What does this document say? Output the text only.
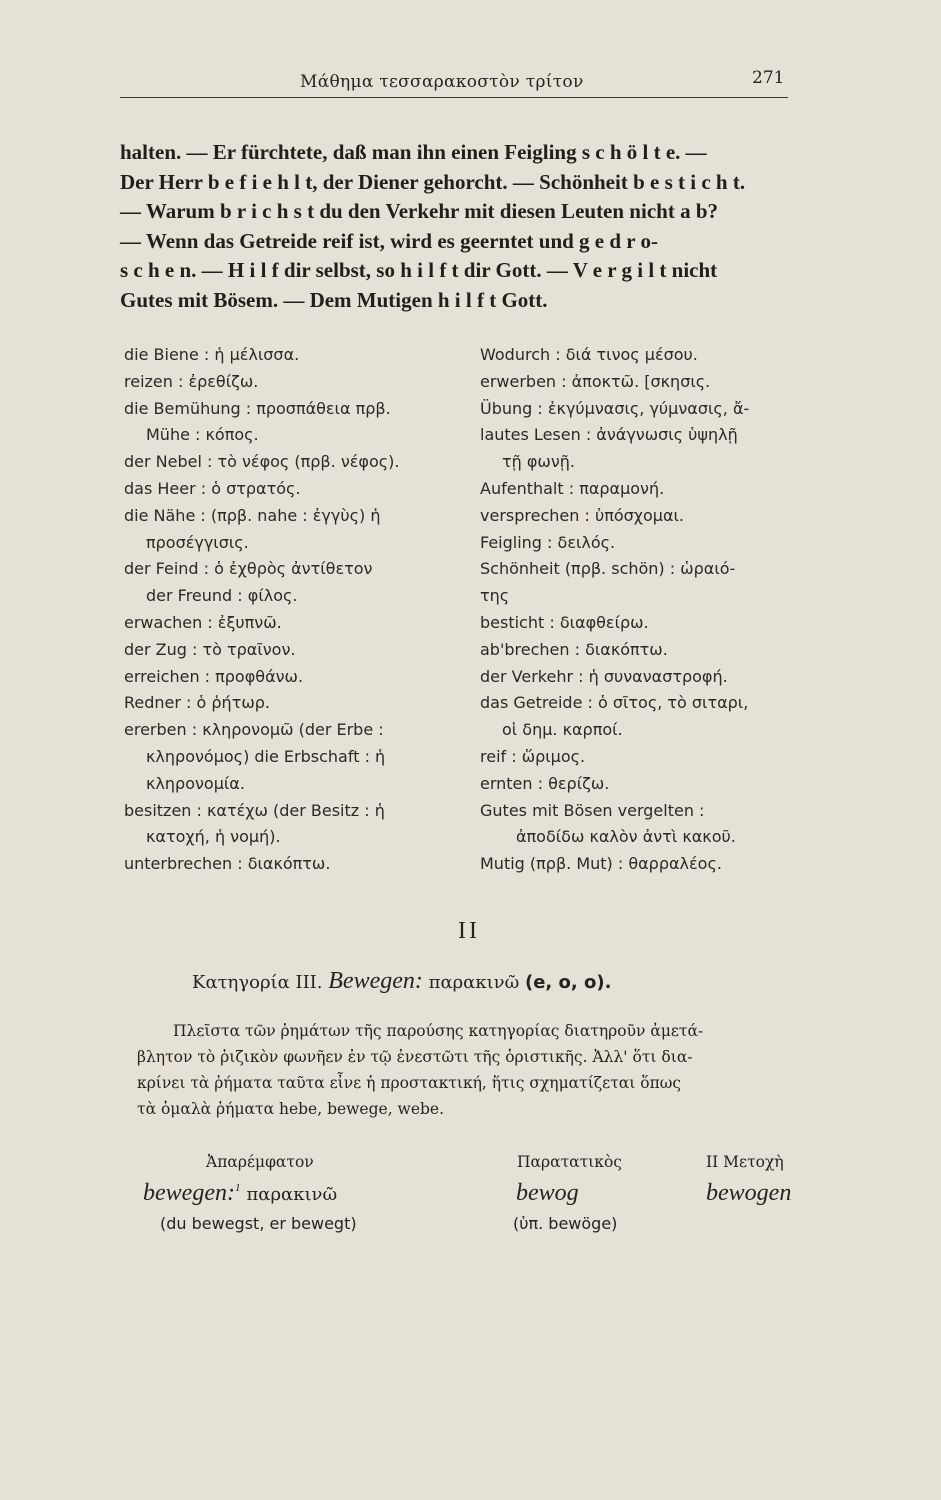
Μάθημα τεσσαρακοστὸν τρίτον	271
halten. — Er fürchtete, daß man ihn einen Feigling s c h ö l t e. —
Der Herr b e f i e h l t, der Diener gehorcht. — Schönheit b e s t i c h t.
— Warum b r i c h s t du den Verkehr mit diesen Leuten nicht a b?
— Wenn das Getreide reif ist, wird es geerntet und g e d r o-
s c h e n. — H i l f dir selbst, so h i l f t dir Gott. — V e r g i l t nicht
Gutes mit Bösem. — Dem Mutigen h i l f t Gott.
die Biene : ἡ μέλισσα.
reizen : ἐρεθίζω.
die Bemühung : προσπάθεια πρβ.
Mühe : κόπος.
der Nebel : τὸ νέφος (πρβ. νέφος).
das Heer : ὁ στρατός.
die Nähe : (πρβ. nahe : ἐγγὺς) ἡ
προσέγγισις.
der Feind : ὁ ἐχθρὸς ἀντίθετον
der Freund : φίλος.
erwachen : ἐξυπνῶ.
der Zug : τὸ τραῖνον.
erreichen : προφθάνω.
Redner : ὁ ῥήτωρ.
ererben : κληρονομῶ (der Erbe :
κληρονόμος) die Erbschaft : ἡ
κληρονομία.
besitzen : κατέχω (der Besitz : ἡ
κατοχή, ἡ νομή).
unterbrechen : διακόπτω.
Wodurch : διά τινος μέσου.
erwerben : ἀποκτῶ. [σκησις.
Übung : ἐκγύμνασις, γύμνασις, ἄ-
lautes Lesen : ἀνάγνωσις ὑψηλῇ
τῇ φωνῇ.
Aufenthalt : παραμονή.
versprechen : ὑπόσχομαι.
Feigling : δειλός.
Schönheit (πρβ. schön) : ὡραιό-
της
besticht : διαφθείρω.
ab'brechen : διακόπτω.
der Verkehr : ἡ συναναστροφή.
das Getreide : ὁ σῖτος, τὸ σιταρι,
οἱ δημ. καρποί.
reif : ὥριμος.
ernten : θερίζω.
Gutes mit Bösen vergelten :
ἀποδίδω καλὸν ἀντὶ κακοῦ.
Mutig (πρβ. Mut) : θαρραλέος.
II
Κατηγορία III. Bewegen: παρακινῶ (e, o, o).
Πλεῖστα τῶν ῥημάτων τῆς παρούσης κατηγορίας διατηροῦν ἀμετά-
βλητον τὸ ῥιζικὸν φωνῆεν ἐν τῷ ἐνεστῶτι τῆς ὁριστικῆς. Ἀλλ' ὅτι δια-
κρίνει τὰ ῥήματα ταῦτα εἶνε ἡ προστακτική, ἥτις σχηματίζεται ὅπως
τὰ ὁμαλὰ ῥήματα hebe, bewege, webe.
Ἀπαρέμφατον	Παρατατικὸς	II Μετοχὴ
bewegen:$^1$ παρακινῶ	bewog	bewogen
(du bewegst, er bewegt)	(ὑπ. bewöge)
